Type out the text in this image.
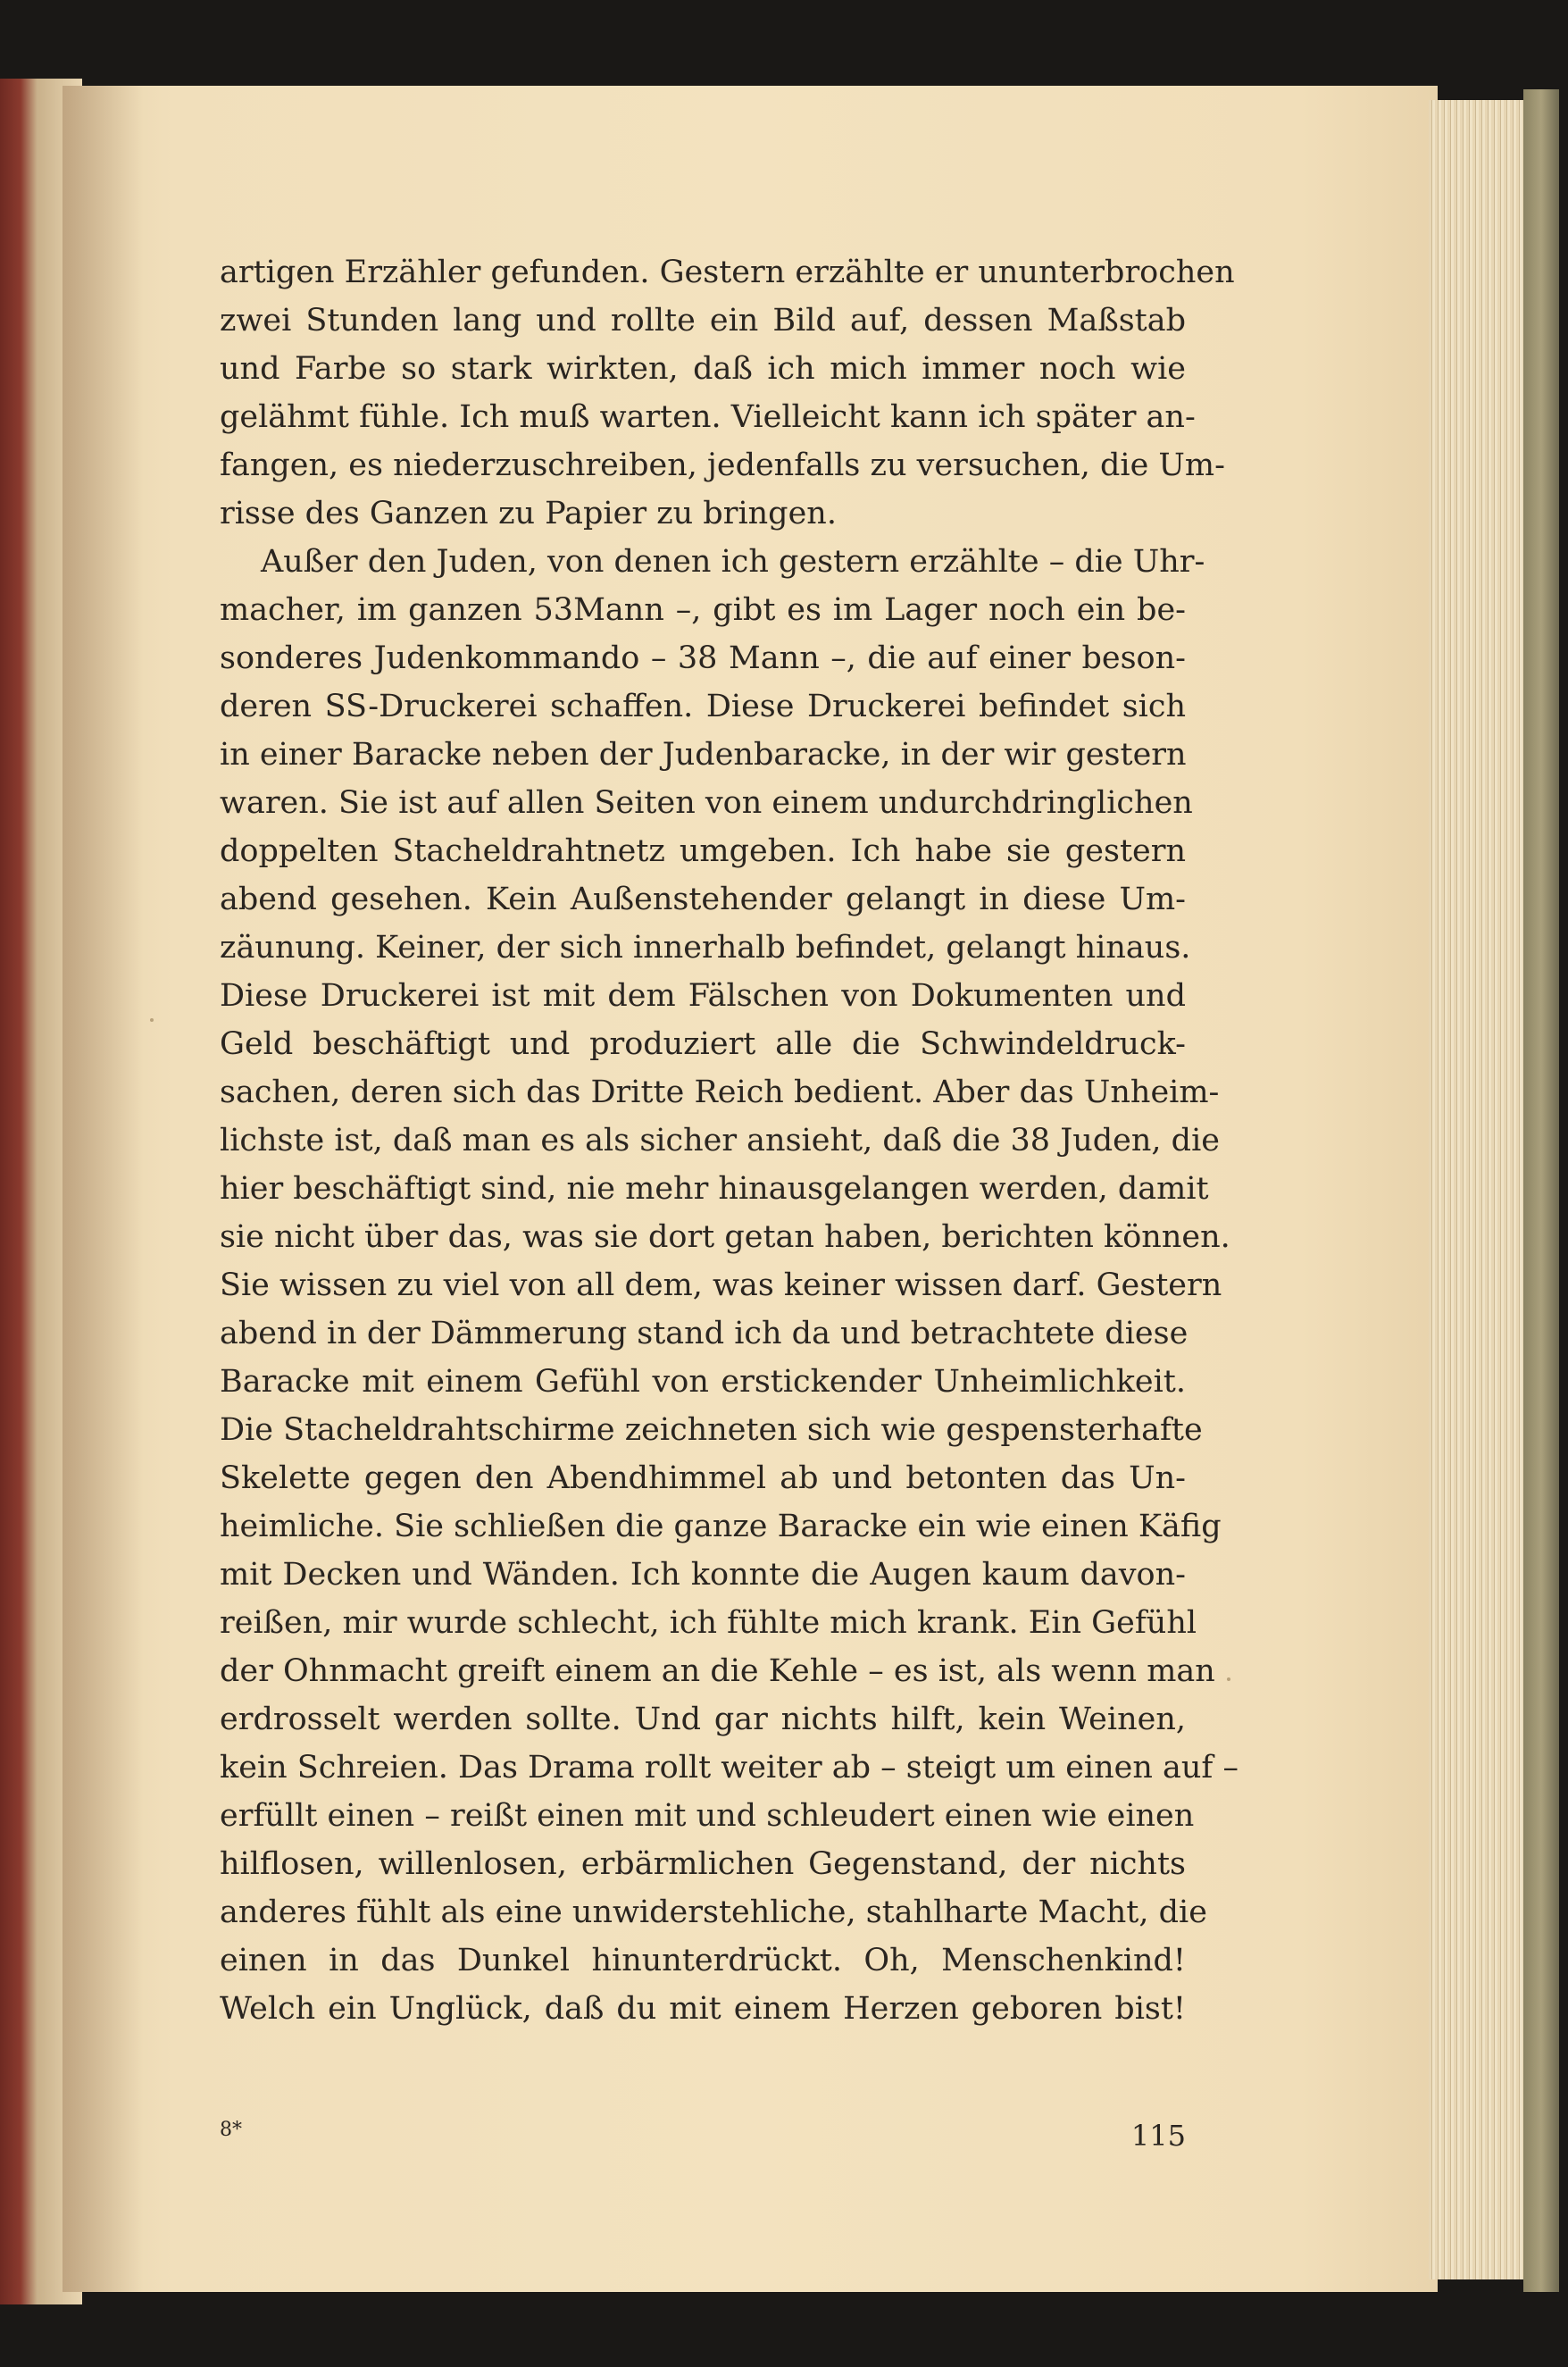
artigen Erzähler gefunden. Gestern erzählte er ununterbrochen
zwei Stunden lang und rollte ein Bild auf, dessen Maßstab
und Farbe so stark wirkten, daß ich mich immer noch wie
gelähmt fühle. Ich muß warten. Vielleicht kann ich später an-
fangen, es niederzuschreiben, jedenfalls zu versuchen, die Um-
risse des Ganzen zu Papier zu bringen.
Außer den Juden, von denen ich gestern erzählte – die Uhr-
macher, im ganzen 53Mann –, gibt es im Lager noch ein be-
sonderes Judenkommando – 38 Mann –, die auf einer beson-
deren SS-Druckerei schaffen. Diese Druckerei befindet sich
in einer Baracke neben der Judenbaracke, in der wir gestern
waren. Sie ist auf allen Seiten von einem undurchdringlichen
doppelten Stacheldrahtnetz umgeben. Ich habe sie gestern
abend gesehen. Kein Außenstehender gelangt in diese Um-
zäunung. Keiner, der sich innerhalb befindet, gelangt hinaus.
Diese Druckerei ist mit dem Fälschen von Dokumenten und
Geld beschäftigt und produziert alle die Schwindeldruck-
sachen, deren sich das Dritte Reich bedient. Aber das Unheim-
lichste ist, daß man es als sicher ansieht, daß die 38 Juden, die
hier beschäftigt sind, nie mehr hinausgelangen werden, damit
sie nicht über das, was sie dort getan haben, berichten können.
Sie wissen zu viel von all dem, was keiner wissen darf. Gestern
abend in der Dämmerung stand ich da und betrachtete diese
Baracke mit einem Gefühl von erstickender Unheimlichkeit.
Die Stacheldrahtschirme zeichneten sich wie gespensterhafte
Skelette gegen den Abendhimmel ab und betonten das Un-
heimliche. Sie schließen die ganze Baracke ein wie einen Käfig
mit Decken und Wänden. Ich konnte die Augen kaum davon-
reißen, mir wurde schlecht, ich fühlte mich krank. Ein Gefühl
der Ohnmacht greift einem an die Kehle – es ist, als wenn man
erdrosselt werden sollte. Und gar nichts hilft, kein Weinen,
kein Schreien. Das Drama rollt weiter ab – steigt um einen auf –
erfüllt einen – reißt einen mit und schleudert einen wie einen
hilflosen, willenlosen, erbärmlichen Gegenstand, der nichts
anderes fühlt als eine unwiderstehliche, stahlharte Macht, die
einen in das Dunkel hinunterdrückt. Oh, Menschenkind!
Welch ein Unglück, daß du mit einem Herzen geboren bist!
8*	115
